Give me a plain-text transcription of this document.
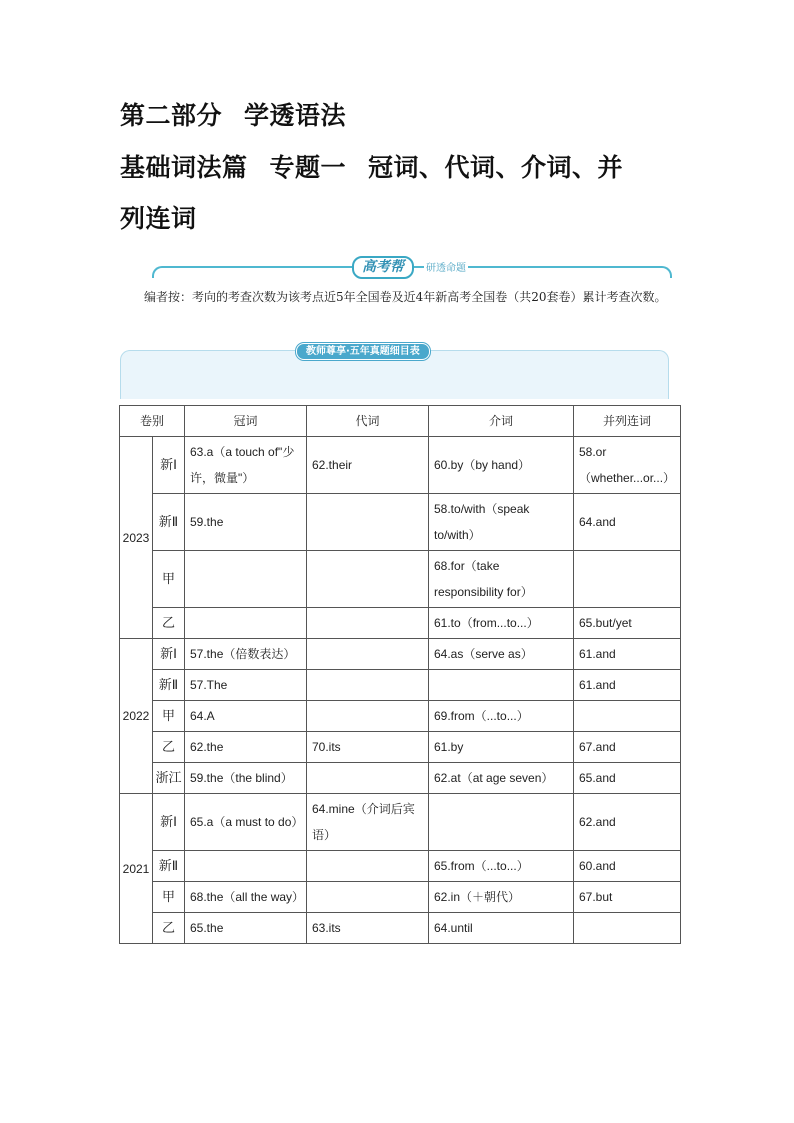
第二部分 学透语法
基础词法篇 专题一 冠词、代词、介词、并
列连词
高考帮	研透命题
编者按：考向的考查次数为该考点近5年全国卷及近4年新高考全国卷（共20套卷）累计考查次数。
教师尊享·五年真题细目表
卷别		冠词	代词	介词	并列连词
2023	新Ⅰ	63.a（a touch of"少许，微量"）	62.their	60.by（by hand）	58.or（whether...or...）
	新Ⅱ	59.the		58.to/with（speak to/with）	64.and
	甲			68.for（take responsibility for）	
	乙			61.to（from...to...）	65.but/yet
2022	新Ⅰ	57.the（倍数表达）		64.as（serve as）	61.and
	新Ⅱ	57.The			61.and
	甲	64.A		69.from（...to...）	
	乙	62.the	70.its	61.by	67.and
	浙江	59.the（the blind）		62.at（at age seven）	65.and
2021	新Ⅰ	65.a（a must to do）	64.mine（介词后宾语）		62.and
	新Ⅱ			65.from（...to...）	60.and
	甲	68.the（all the way）		62.in（＋朝代）	67.but
	乙	65.the	63.its	64.until	
